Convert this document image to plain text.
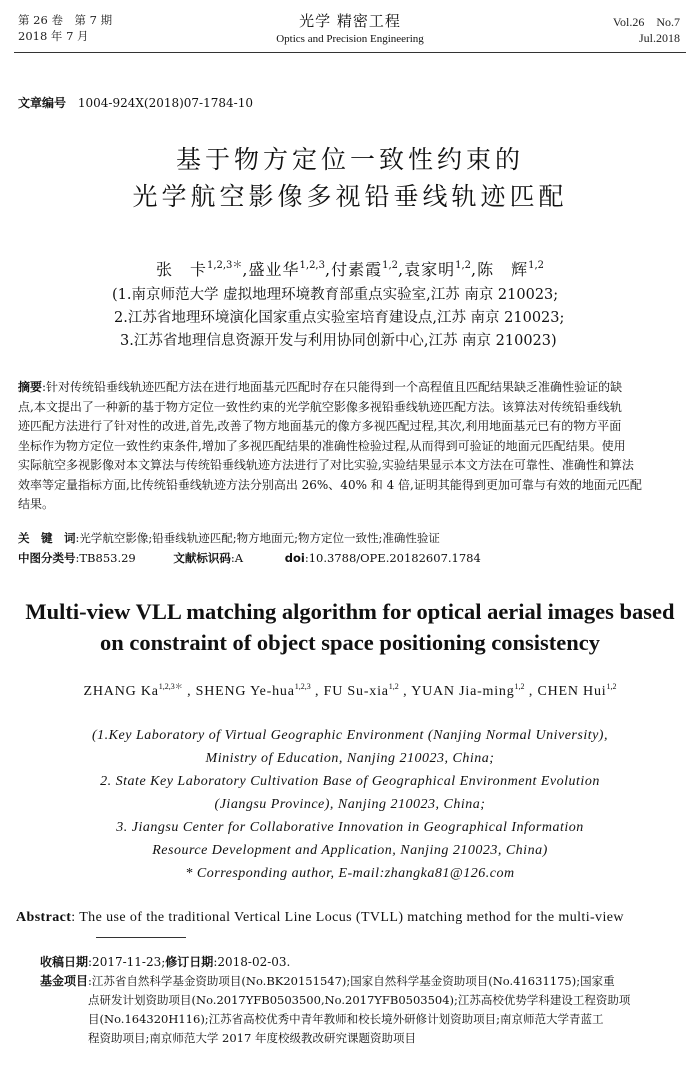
第 26 卷　第 7 期
2018 年 7 月
光学 精密工程
Optics and Precision Engineering
Vol.26　No.7
Jul.2018
文章编号 1004-924X(2018)07-1784-10
基于物方定位一致性约束的
光学航空影像多视铅垂线轨迹匹配
张　卡$^{1,2,3*}$,盛业华$^{1,2,3}$,付素霞$^{1,2}$,袁家明$^{1,2}$,陈　辉$^{1,2}$
(1.南京师范大学 虚拟地理环境教育部重点实验室,江苏 南京 210023;
2.江苏省地理环境演化国家重点实验室培育建设点,江苏 南京 210023;
3.江苏省地理信息资源开发与利用协同创新中心,江苏 南京 210023)
摘要:针对传统铅垂线轨迹匹配方法在进行地面基元匹配时存在只能得到一个高程值且匹配结果缺乏准确性验证的缺
点,本文提出了一种新的基于物方定位一致性约束的光学航空影像多视铅垂线轨迹匹配方法。该算法对传统铅垂线轨
迹匹配方法进行了针对性的改进,首先,改善了物方地面基元的像方多视匹配过程,其次,利用地面基元已有的物方平面
坐标作为物方定位一致性约束条件,增加了多视匹配结果的准确性检验过程,从而得到可验证的地面元匹配结果。使用
实际航空多视影像对本文算法与传统铅垂线轨迹方法进行了对比实验,实验结果显示本文方法在可靠性、准确性和算法
效率等定量指标方面,比传统铅垂线轨迹方法分别高出 26%、40% 和 4 倍,证明其能得到更加可靠与有效的地面元匹配
结果。
关　键　词:光学航空影像;铅垂线轨迹匹配;物方地面元;物方定位一致性;准确性验证
中图分类号:TB853.29	文献标识码:A	doi:10.3788/OPE.20182607.1784
Multi-view VLL matching algorithm for optical aerial images based
on constraint of object space positioning consistency
ZHANG $Ka^{1,2,3*}$ , SHENG Ye-hua$^{1,2,3}$ , FU Su-xia$^{1,2}$ , YUAN Jia-ming$^{1,2}$ , CHEN Hui$^{1,2}$
(1.Key Laboratory of Virtual Geographic Environment (Nanjing Normal University),
Ministry of Education, Nanjing 210023, China;
2. State Key Laboratory Cultivation Base of Geographical Environment Evolution
(Jiangsu Province), Nanjing 210023, China;
3. Jiangsu Center for Collaborative Innovation in Geographical Information
Resource Development and Application, Nanjing 210023, China)
* Corresponding author, E-mail:zhangka81@126.com
Abstract: The use of the traditional Vertical Line Locus (TVLL) matching method for the multi-view
收稿日期:2017-11-23;修订日期:2018-02-03.
基金项目 :江苏省自然科学基金资助项目(No.BK20151547);国家自然科学基金资助项目(No.41631175);国家重
点研发计划资助项目(No.2017YFB0503500,No.2017YFB0503504);江苏高校优势学科建设工程资助项
目(No.164320H116);江苏省高校优秀中青年教师和校长境外研修计划资助项目;南京师范大学青蓝工
程资助项目;南京师范大学 2017 年度校级教改研究课题资助项目
